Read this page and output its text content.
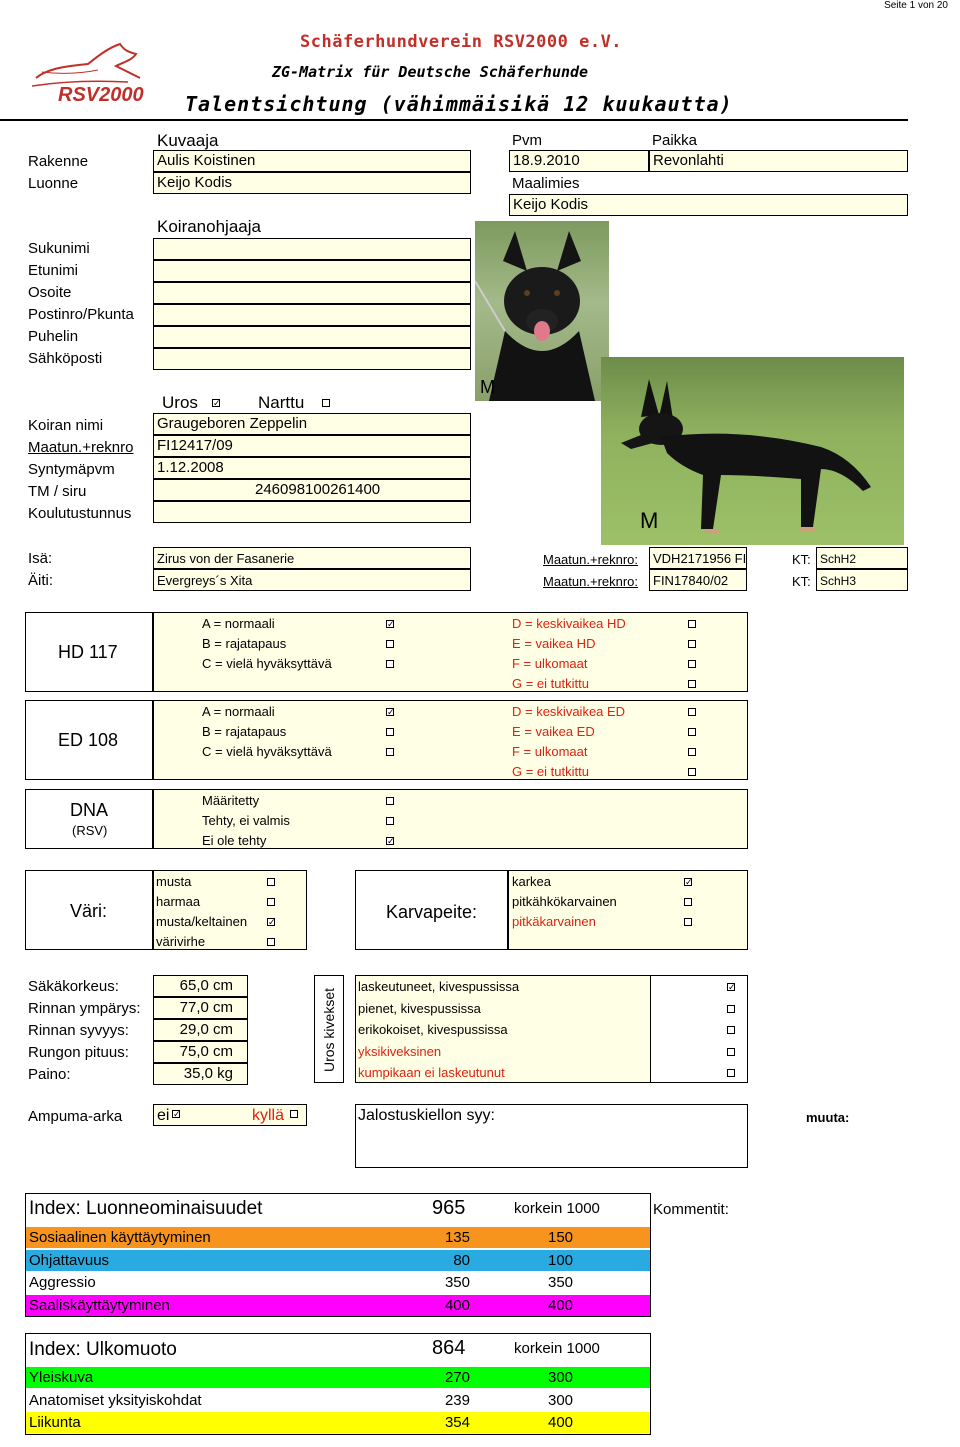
Seite 1 von 20
RSV2000
Schäferhundverein RSV2000 e.V.
ZG-Matrix für Deutsche Schäferhunde
Talentsichtung (vähimmäisikä 12 kuukautta)
Kuvaaja	Pvm	Paikka
Rakenne	Aulis Koistinen	18.9.2010	Revonlahti
Luonne	Keijo Kodis	Maalimies
Keijo Kodis
Koiranohjaaja
M
M
Uros ✓	Narttu
Koiran nimi	Graugeboren Zeppelin
Maatun.+reknro FI12417/09
Syntymäpvm	1.12.2008
TM / siru	246098100261400
Koulutustunnus
Isä:	Zirus von der Fasanerie	Maatun.+reknro:	VDH2171956 FI	KT: SchH2
Äiti:	Evergreys´s Xita	Maatun.+reknro:	FIN17840/02	KT: SchH3
HD 117
ED 108
DNA
(RSV)
Väri:	Karvapeite:
Uros kivekset
Ampuma-arka ei ✓	kyllä	Jalostuskiellon syy:	muuta:
Index: Luonneominaisuudet	965	korkein 1000	Kommentit:
Index: Ulkomuoto	864	korkein 1000
Sukunimi
Etunimi
Osoite
Postinro/Pkunta
Puhelin
Sähköposti
A = normaali
✓
B = rajatapaus
C = vielä hyväksyttävä
D = keskivaikea HD
E = vaikea HD
F = ulkomaat
G = ei tutkittu
A = normaali
✓
B = rajatapaus
C = vielä hyväksyttävä
D = keskivaikea ED
E = vaikea ED
F = ulkomaat
G = ei tutkittu
Määritetty
Tehty, ei valmis
Ei ole tehty
✓
musta
harmaa
musta/keltainen
✓
värivirhe
karkea
✓
pitkähkökarvainen
pitkäkarvainen
laskeutuneet, kivespussissa
✓
pienet, kivespussissa
erikokoiset, kivespussissa
yksikiveksinen
kumpikaan ei laskeutunut
Säkäkorkeus:	65,0 cm
Rinnan ympärys:	77,0 cm
Rinnan syvyys:	29,0 cm
Rungon pituus:	75,0 cm
Paino:	35,0 kg
Sosiaalinen käyttäytyminen	135	150
Ohjattavuus	80	100
Aggressio	350	350
Saaliskäyttäytyminen	400	400
Yleiskuva	270	300
Anatomiset yksityiskohdat	239	300
Liikunta	354	400
